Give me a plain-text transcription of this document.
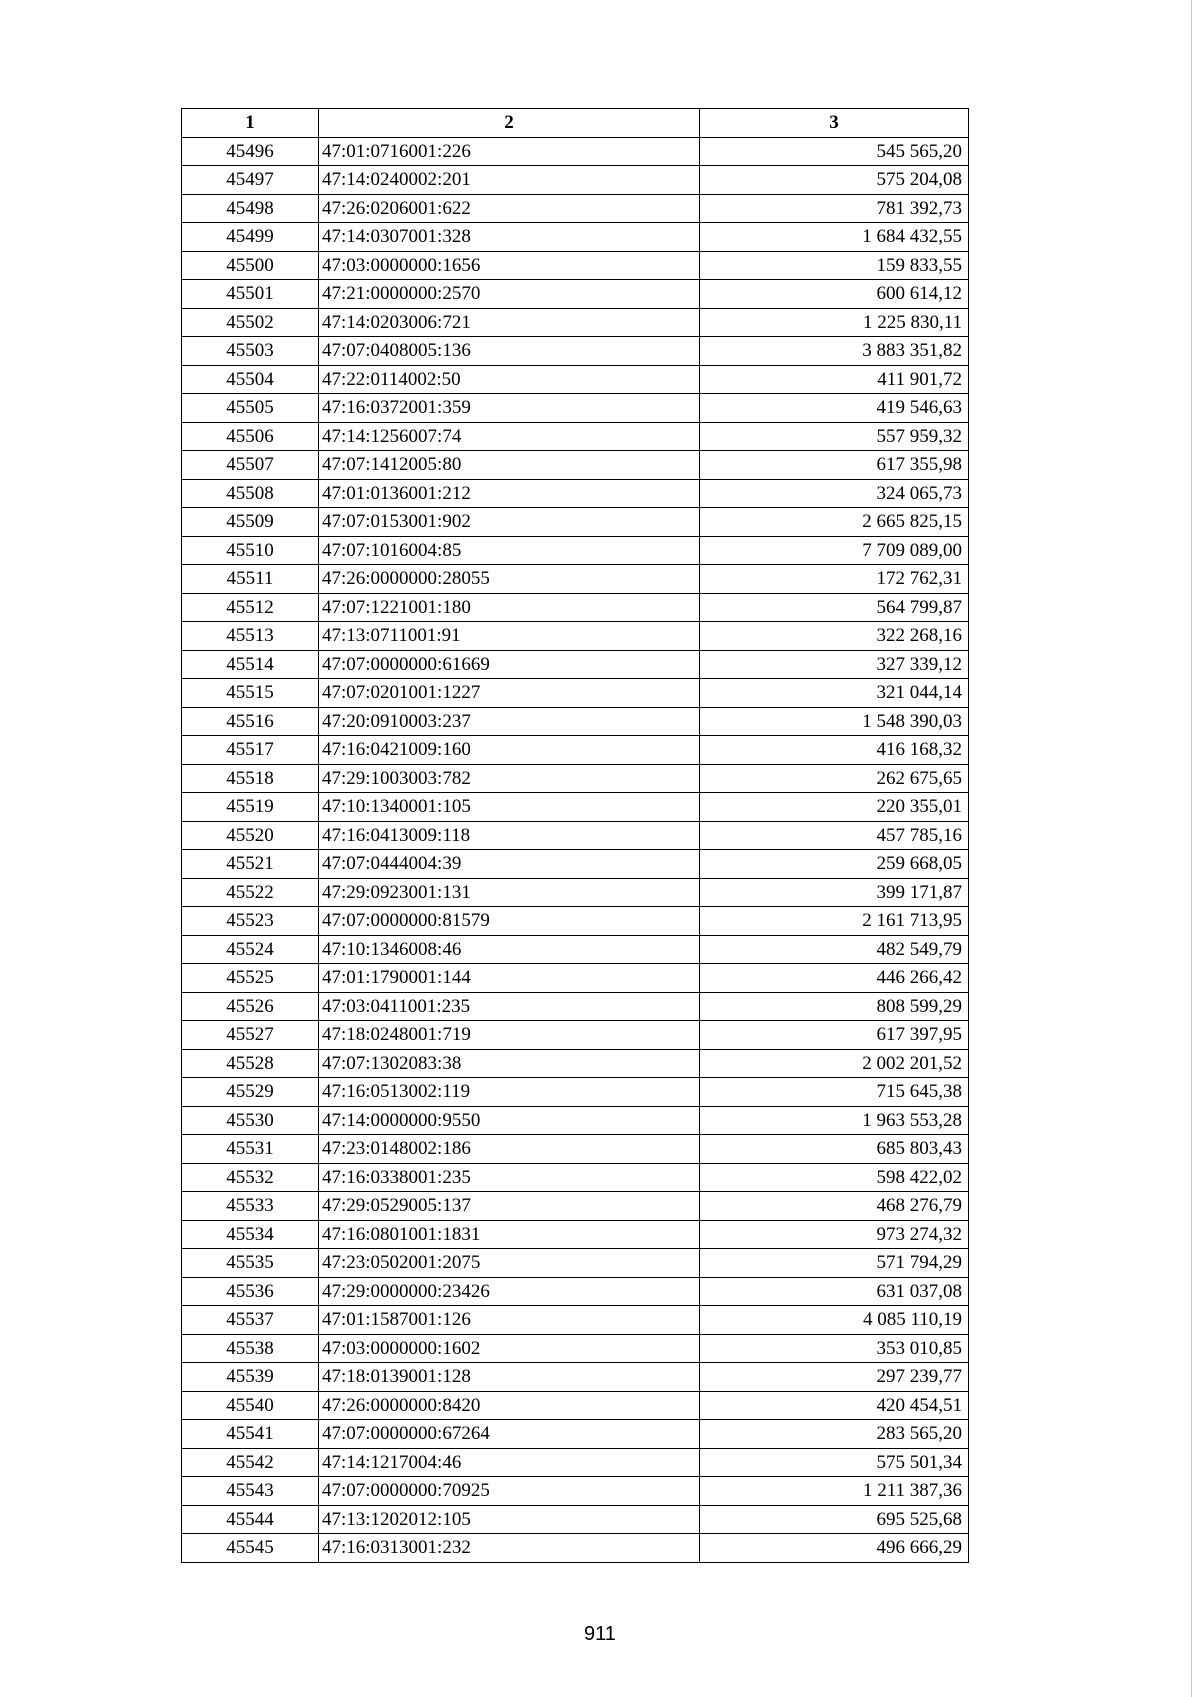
1	2	3
45496	47:01:0716001:226	545 565,20
45497	47:14:0240002:201	575 204,08
45498	47:26:0206001:622	781 392,73
45499	47:14:0307001:328	1 684 432,55
45500	47:03:0000000:1656	159 833,55
45501	47:21:0000000:2570	600 614,12
45502	47:14:0203006:721	1 225 830,11
45503	47:07:0408005:136	3 883 351,82
45504	47:22:0114002:50	411 901,72
45505	47:16:0372001:359	419 546,63
45506	47:14:1256007:74	557 959,32
45507	47:07:1412005:80	617 355,98
45508	47:01:0136001:212	324 065,73
45509	47:07:0153001:902	2 665 825,15
45510	47:07:1016004:85	7 709 089,00
45511	47:26:0000000:28055	172 762,31
45512	47:07:1221001:180	564 799,87
45513	47:13:0711001:91	322 268,16
45514	47:07:0000000:61669	327 339,12
45515	47:07:0201001:1227	321 044,14
45516	47:20:0910003:237	1 548 390,03
45517	47:16:0421009:160	416 168,32
45518	47:29:1003003:782	262 675,65
45519	47:10:1340001:105	220 355,01
45520	47:16:0413009:118	457 785,16
45521	47:07:0444004:39	259 668,05
45522	47:29:0923001:131	399 171,87
45523	47:07:0000000:81579	2 161 713,95
45524	47:10:1346008:46	482 549,79
45525	47:01:1790001:144	446 266,42
45526	47:03:0411001:235	808 599,29
45527	47:18:0248001:719	617 397,95
45528	47:07:1302083:38	2 002 201,52
45529	47:16:0513002:119	715 645,38
45530	47:14:0000000:9550	1 963 553,28
45531	47:23:0148002:186	685 803,43
45532	47:16:0338001:235	598 422,02
45533	47:29:0529005:137	468 276,79
45534	47:16:0801001:1831	973 274,32
45535	47:23:0502001:2075	571 794,29
45536	47:29:0000000:23426	631 037,08
45537	47:01:1587001:126	4 085 110,19
45538	47:03:0000000:1602	353 010,85
45539	47:18:0139001:128	297 239,77
45540	47:26:0000000:8420	420 454,51
45541	47:07:0000000:67264	283 565,20
45542	47:14:1217004:46	575 501,34
45543	47:07:0000000:70925	1 211 387,36
45544	47:13:1202012:105	695 525,68
45545	47:16:0313001:232	496 666,29
911
